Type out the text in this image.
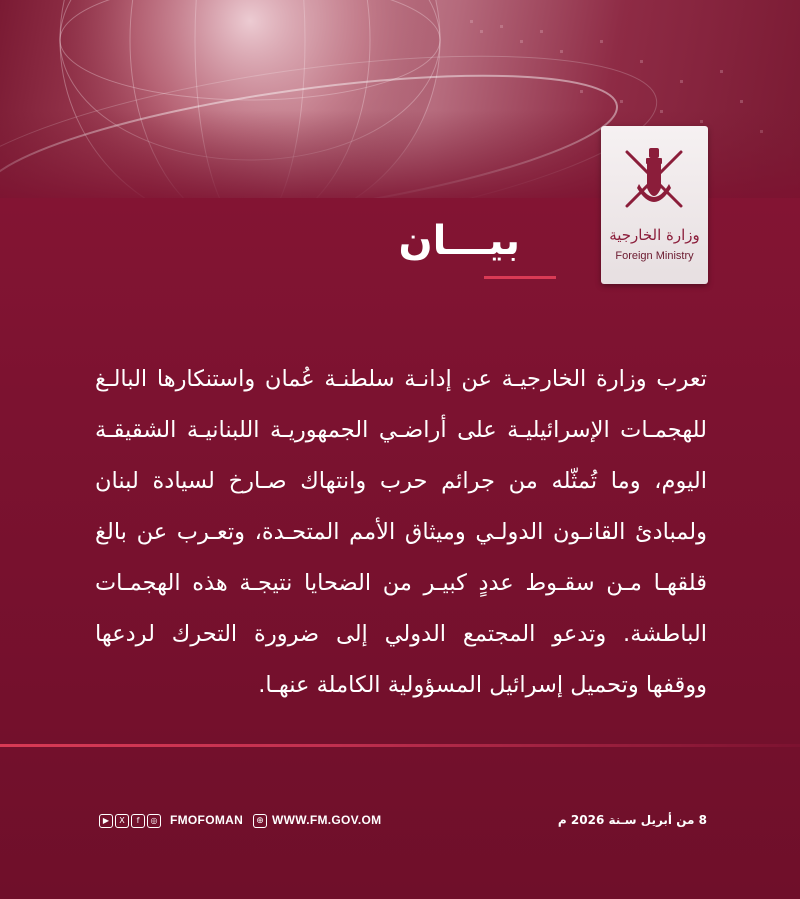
وزارة الخارجية
Foreign Ministry
بيـــان
تعرب وزارة الخارجيـة عن إدانـة سلطنـة عُمان واستنكارها البالـغ للهجمـات الإسرائيليـة على أراضـي الجمهوريـة اللبنانيـة الشقيقـة اليوم، وما تُمثّله من جرائم حرب وانتهاك صـارخ لسيادة لبنان ولمبادئ القانـون الدولـي وميثاق الأمم المتحـدة، وتعـرب عن بالغ قلقهـا مـن سقـوط عددٍ كبيـر من الضحايا نتيجـة هذه الهجمـات الباطشة. وتدعو المجتمع الدولي إلى ضرورة التحرك لردعها ووقفها وتحميل إسرائيل المسؤولية الكاملة عنهـا.
▶	X	f	◎ FMOFOMAN	⊕ WWW.FM.GOV.OM	8 من أبريل سـنة 2026 م
